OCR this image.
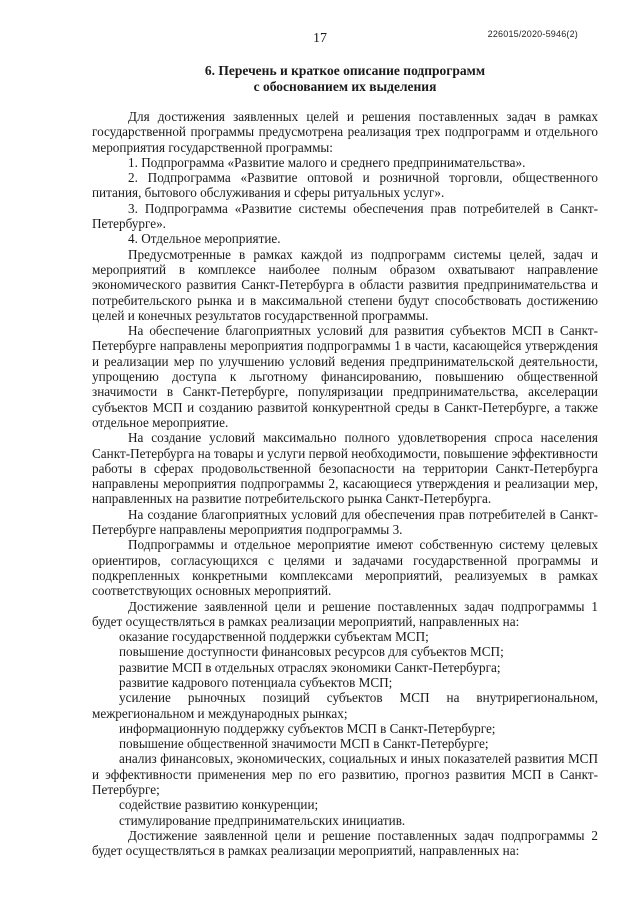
226015/2020-5946(2)
17
6. Перечень и краткое описание подпрограмм
с обоснованием их выделения

Для достижения заявленных целей и решения поставленных задач в рамках государственной программы предусмотрена реализация трех подпрограмм и отдельного мероприятия государственной программы:

1. Подпрограмма «Развитие малого и среднего предпринимательства».

2. Подпрограмма «Развитие оптовой и розничной торговли, общественного питания, бытового обслуживания и сферы ритуальных услуг».

3. Подпрограмма «Развитие системы обеспечения прав потребителей в Санкт-Петербурге».

4. Отдельное мероприятие.

Предусмотренные в рамках каждой из подпрограмм системы целей, задач и мероприятий в комплексе наиболее полным образом охватывают направление экономического развития Санкт-Петербурга в области развития предпринимательства и потребительского рынка и в максимальной степени будут способствовать достижению целей и конечных результатов государственной программы.

На обеспечение благоприятных условий для развития субъектов МСП в Санкт-Петербурге направлены мероприятия подпрограммы 1 в части, касающейся утверждения и реализации мер по улучшению условий ведения предпринимательской деятельности, упрощению доступа к льготному финансированию, повышению общественной значимости в Санкт-Петербурге, популяризации предпринимательства, акселерации субъектов МСП и созданию развитой конкурентной среды в Санкт-Петербурге, а также отдельное мероприятие.

На создание условий максимально полного удовлетворения спроса населения Санкт-Петербурга на товары и услуги первой необходимости, повышение эффективности работы в сферах продовольственной безопасности на территории Санкт-Петербурга направлены мероприятия подпрограммы 2, касающиеся утверждения и реализации мер, направленных на развитие потребительского рынка Санкт-Петербурга.

На создание благоприятных условий для обеспечения прав потребителей в Санкт-Петербурге направлены мероприятия подпрограммы 3.

Подпрограммы и отдельное мероприятие имеют собственную систему целевых ориентиров, согласующихся с целями и задачами государственной программы и подкрепленных конкретными комплексами мероприятий, реализуемых в рамках соответствующих основных мероприятий.

Достижение заявленной цели и решение поставленных задач подпрограммы 1 будет осуществляться в рамках реализации мероприятий, направленных на:

оказание государственной поддержки субъектам МСП;

повышение доступности финансовых ресурсов для субъектов МСП;

развитие МСП в отдельных отраслях экономики Санкт-Петербурга;

развитие кадрового потенциала субъектов МСП;

усиление рыночных позиций субъектов МСП на внутрирегиональном, межрегиональном и международных рынках;

информационную поддержку субъектов МСП в Санкт-Петербурге;

повышение общественной значимости МСП в Санкт-Петербурге;

анализ финансовых, экономических, социальных и иных показателей развития МСП и эффективности применения мер по его развитию, прогноз развития МСП в Санкт-Петербурге;

содействие развитию конкуренции;

стимулирование предпринимательских инициатив.

Достижение заявленной цели и решение поставленных задач подпрограммы 2 будет осуществляться в рамках реализации мероприятий, направленных на:
